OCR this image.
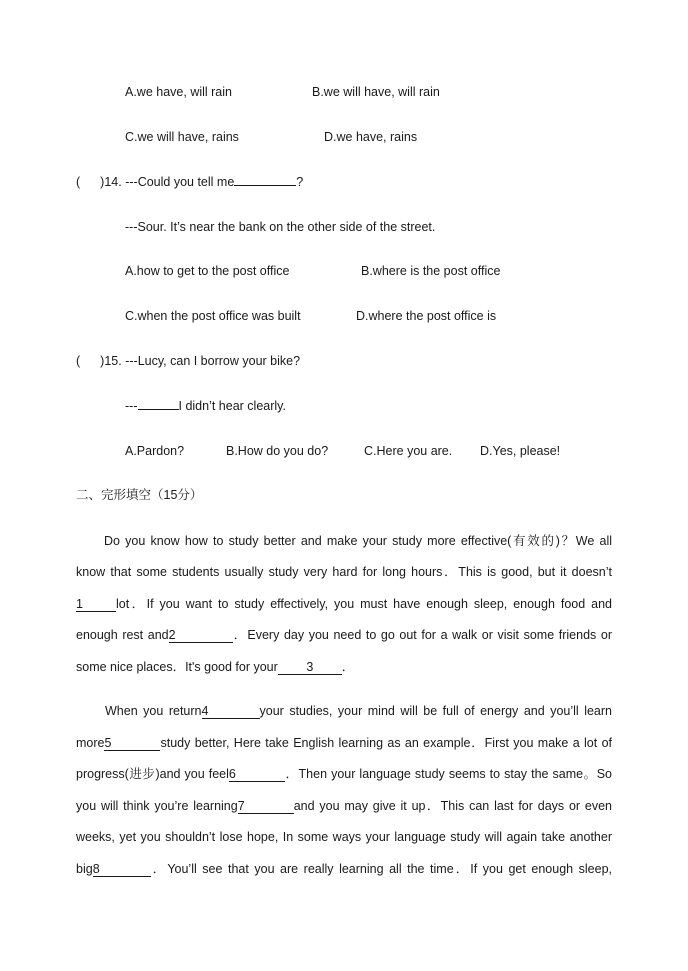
A.we have, will rain	B.we will have, will rain
C.we will have, rains	D.we have, rains
( )14. ---Could you tell me	?
---Sour. It’s near the bank on the other side of the street.
A.how to get to the post office	B.where is the post office
C.when the post office was built	D.where the post office is
( )15. ---Lucy, can I borrow your bike?
---	I didn’t hear clearly.
A.Pardon?	B.How do you do?	C.Here you are. D.Yes, please!
二、完形填空（15分）
Do you know how to study better and make your study more effective(有效的)？We all
know that some students usually study very hard for long hours．This is good, but it doesn’t
1	lot．If you want to study effectively, you must have enough sleep, enough food and
enough rest and2	．Every day you need to go out for a walk or visit some friends or
some nice places．It's good for your 3 ．
When you return4	your studies, your mind will be full of energy and you’ll learn
more5	study better, Here take English learning as an example．First you make a lot of
progress(进步)and you feel6	．Then your language study seems to stay the same。So
you will think you’re learning7	and you may give it up．This can last for days or even
weeks, yet you shouldn’t lose hope, In some ways your language study will again take another
big8	．You’ll see that you are really learning all the time．If you get enough sleep,
